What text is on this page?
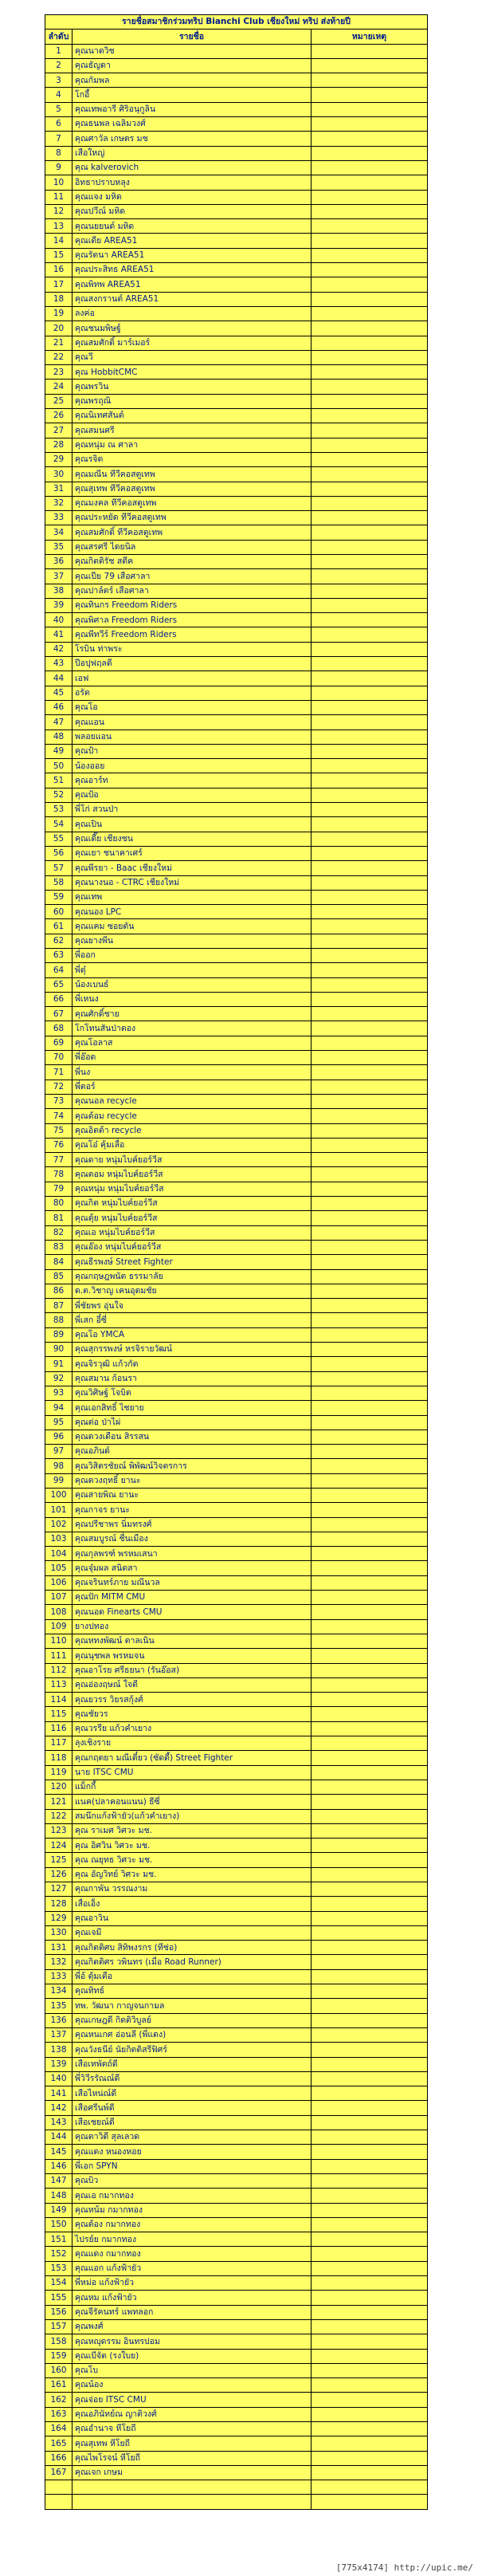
รายชื่อสมาชิกร่วมทริป Bianchi Club เชียงใหม่ ทริป ส่งท้ายปี		
ลำดับ	รายชื่อ	หมายเหตุ
1	คุณนาตวิช	
2	คุณธัญดา	
3	คุณกัมพล	
4	โกอี้	
5	คุณเทพอารี ศิริอนุกูลิน	
6	คุณธนพล เฉลิมวงศ์	
7	คุณศาวัล เกษตร มช	
8	เสือใหญ่	
9	คุณ kalverovich	
10	อิทธาปราบหลุง	
11	คุณแจง มหิด	
12	คุณปวีณ์ มหิด	
13	คุณนยยนต์ มหิด	
14	คุณเดีย AREA51	
15	คุณรัตนา AREA51	
16	คุณประสิทธ AREA51	
17	คุณพิทพ AREA51	
18	คุณสงกรานต์ AREA51	
19	ลงค่อ	
20	คุณชนมพิษฐ์	
21	คุณสมศักดิ์ มาร์เมอร์	
22	คุณวี	
23	คุณ HobbitCMC	
24	คุณพรวิน	
25	คุณพรถุณิ	
26	คุณนิเทศสันต์	
27	คุณสมนศรี	
28	คุณหนุ่ม ณ ศาลา	
29	คุณรจิต	
30	คุณมณีน ทีวีคอสตูเทพ	
31	คุณสุเทพ ทีวีคอสตูเทพ	
32	คุณมงคล ทีวีคอสตูเทพ	
33	คุณประหยัด ทีวีคอสตูเทพ	
34	คุณสมศักดิ์ ทีวีคอสตูเทพ	
35	คุณสรศรี ไดยนิล	
36	คุณกิตติรัช สตีค	
37	คุณเปีย 79 เสือศาลา	
38	คุณปาล์ตร์ เสือศาลา	
39	คุณทินกร Freedom Riders	
40	คุณพิศาล Freedom Riders	
41	คุณพีทวีร์ Freedom Riders	
42	โรบิน ท่าพระ	
43	ปีอปุฟฤลดี	
44	เอฟ	
45	อรัต	
46	คุณโอ	
47	คุณแอน	
48	พลอยแอน	
49	คุณป้า	
50	น้องออย	
51	คุณอาร์ท	
52	คุณป้อ	
53	พี่โก่ สวนป่า	
54	คุณเปิน	
55	คุณเดี๊ย เชียงชน	
56	คุณเยา ชนาคาเศร์	
57	คุณพีรยา - Baac เชียงใหม่	
58	คุณนางนอ - CTRC เชียงใหม่	
59	คุณเทพ	
60	คุณนอง LPC	
61	คุณแคม ซอยตัน	
62	คุณยางพีน	
63	พี่ออก	
64	พี่ตุ๋	
65	น้องเบนธ์	
66	พี่เหนง	
67	คุณศักดิ์ชาย	
68	โกโทนสันป่าตอง	
69	คุณโอลาส	
70	พี่อ๊อด	
71	พี่นง	
72	พี่ตอร์	
73	คุณนอล recycle	
74	คุณต้อม recycle	
75	คุณอิตต้า recycle	
76	คุณโอ๋ คุ้มเลื่อ	
77	คุณดาย หนุ่มไบค์ยอร์วีส	
78	คุณตอม หนุ่มไบค์ยอร์วีส	
79	คุณหนุ่ม หนุ่มไบค์ยอร์วีส	
80	คุณกิต หนุ่มไบค์ยอร์วีส	
81	คุณตุ้ย หนุ่มไบค์ยอร์วีส	
82	คุณเอ หนุ่มไบค์ยอร์วีส	
83	คุณอ๊อง หนุ่มไบค์ยอร์วีส	
84	คุณธีรพงษ์ Street Fighter	
85	คุณกฤษฎพนัต ธรรมาลัย	
86	ด.ต.วิชาญ เคนอุดมชัย	
87	พี่ชัยพร อุ่นใจ	
88	พี่เสก อี๋ซี่	
89	คุณโอ YMCA	
90	คุณสุกรรพงษ์ หรจิรายวัฒน์	
91	คุณจิรวุฒิ แก้วกัต	
92	คุณสมาน ก้อนรา	
93	คุณวิศิษฐ์ โจบิต	
94	คุณเอกสิทธิ์ ไชยาย	
95	คุณต่อ ป่าไผ่	
96	คุณดวงเดือน สิรรสน	
97	คุณอภินด์	
98	คุณวิสิตรชัยณ์ พิพัฒน์วิจตรการ	
99	คุณดวงฤทธิ์ ยานะ	
100	คุณสายพิณ ยานะ	
101	คุณกาจร ยานะ	
102	คุณปรีชาพร นิ่มทรงศ์	
103	คุณสมบูรณ์ ชื่นเมือง	
104	คุณกุลพรฑ์ พรหมเสนา	
105	คุณจุ๋มผล สนิตสา	
106	คุณจรินทร์ภาย มณีนวล	
107	คุณปัก MITM CMU	
108	คุณนอด Finearts CMU	
109	ยางปทอง	
110	คุณหทงพัฒน์ ตาลเนิน	
111	คุณนุชพล พรหมจน	
112	คุณอาโรย ศรีธยนา (รันอ๊อส)	
113	คุณอ่องฤษณ์ ใจดี	
114	คุณยวรร วิยรสกุ้งศ์	
115	คุณชัยวร	
116	คุณวรรีย แก้วคำเยาง	
117	ลุงเชิงราย	
118	คุณกฤตยา มณีเตี๋ยว (ซัดดี้) Street Fighter	
119	นาย ITSC CMU	
120	แม็กกี้	
121	แนค(ปลาคอนแนน) ธีซี่	
122	สมนึกแก้งฟ้ายัว(แก้วคำเยาง)	
123	คุณ ราเมศ วิศวะ มช.	
124	คุณ อิศวิน วิศวะ มช.	
125	คุณ ณยุทธ วิศวะ มช.	
126	คุณ อัญวิทย์ วิศวะ มช.	
127	คุณกาพัน วรรณงาม	
128	เสื่อเอ็ง	
129	คุณอาวิน	
130	คุณเจมี	
131	คุณกิตติศบ สิทิพงรกร (ทีช่อ)	
132	คุณกิตติศร วพินทร (เมื่อ Road Runner)	
133	พี่อ้ ตุ้มเตือ	
134	คุณทิทธ์	
135	ทพ. วัฒนา กาญจนกามล	
136	คุณเกษฎดี กิตติวิบูลย์	
137	คุณหนเกศ อ่อนลี (พี่แดง)	
138	คุณวังธนีย์ นัยกิตติสรีฟิศร์	
139	เสือเทพัตถ์ดี	
140	พี่วิวีรรัณณ์ดี	
141	เสือไหน่ณ์ดี	
142	เสือศรีนพ์ดี	
143	เสือเชยณ์ดี	
144	คุณตาวิดี สุลเลวด	
145	คุณแดง หนองหอย	
146	พี่เอก SPYN	
147	คุณบิว	
148	คุณเอ กมากทอง	
149	คุณหน้ม กมากทอง	
150	คุณต้อง กมากทอง	
151	ไปรย์ย กมากทอง	
152	คุณแดง กมากทอง	
153	คุณแอก แก้งฟ้ายัว	
154	พี่หม่อ แก้งฟ้ายัว	
155	คุณหม แก้งฟ้ายัว	
156	คุณจีรัคนทร์ แพทลอก	
157	คุณพงศ์	
158	คุณหญุดรรม อินทรปอม	
159	คุณเบีจัต (รงใบย)	
160	คุณโบ	
161	คุณน้อง	
162	คุณจ่อย ITSC CMU	
163	คุณอภินัทย์ณ ญาติวงศ์	
164	คุณอำนาจ หีโยถี	
165	คุณสุเทพ หีโยถี	
166	คุณไพโรจน์ หีโยถี	
167	คุณเจก เกษม	

[775x4174] http://upic.me/
